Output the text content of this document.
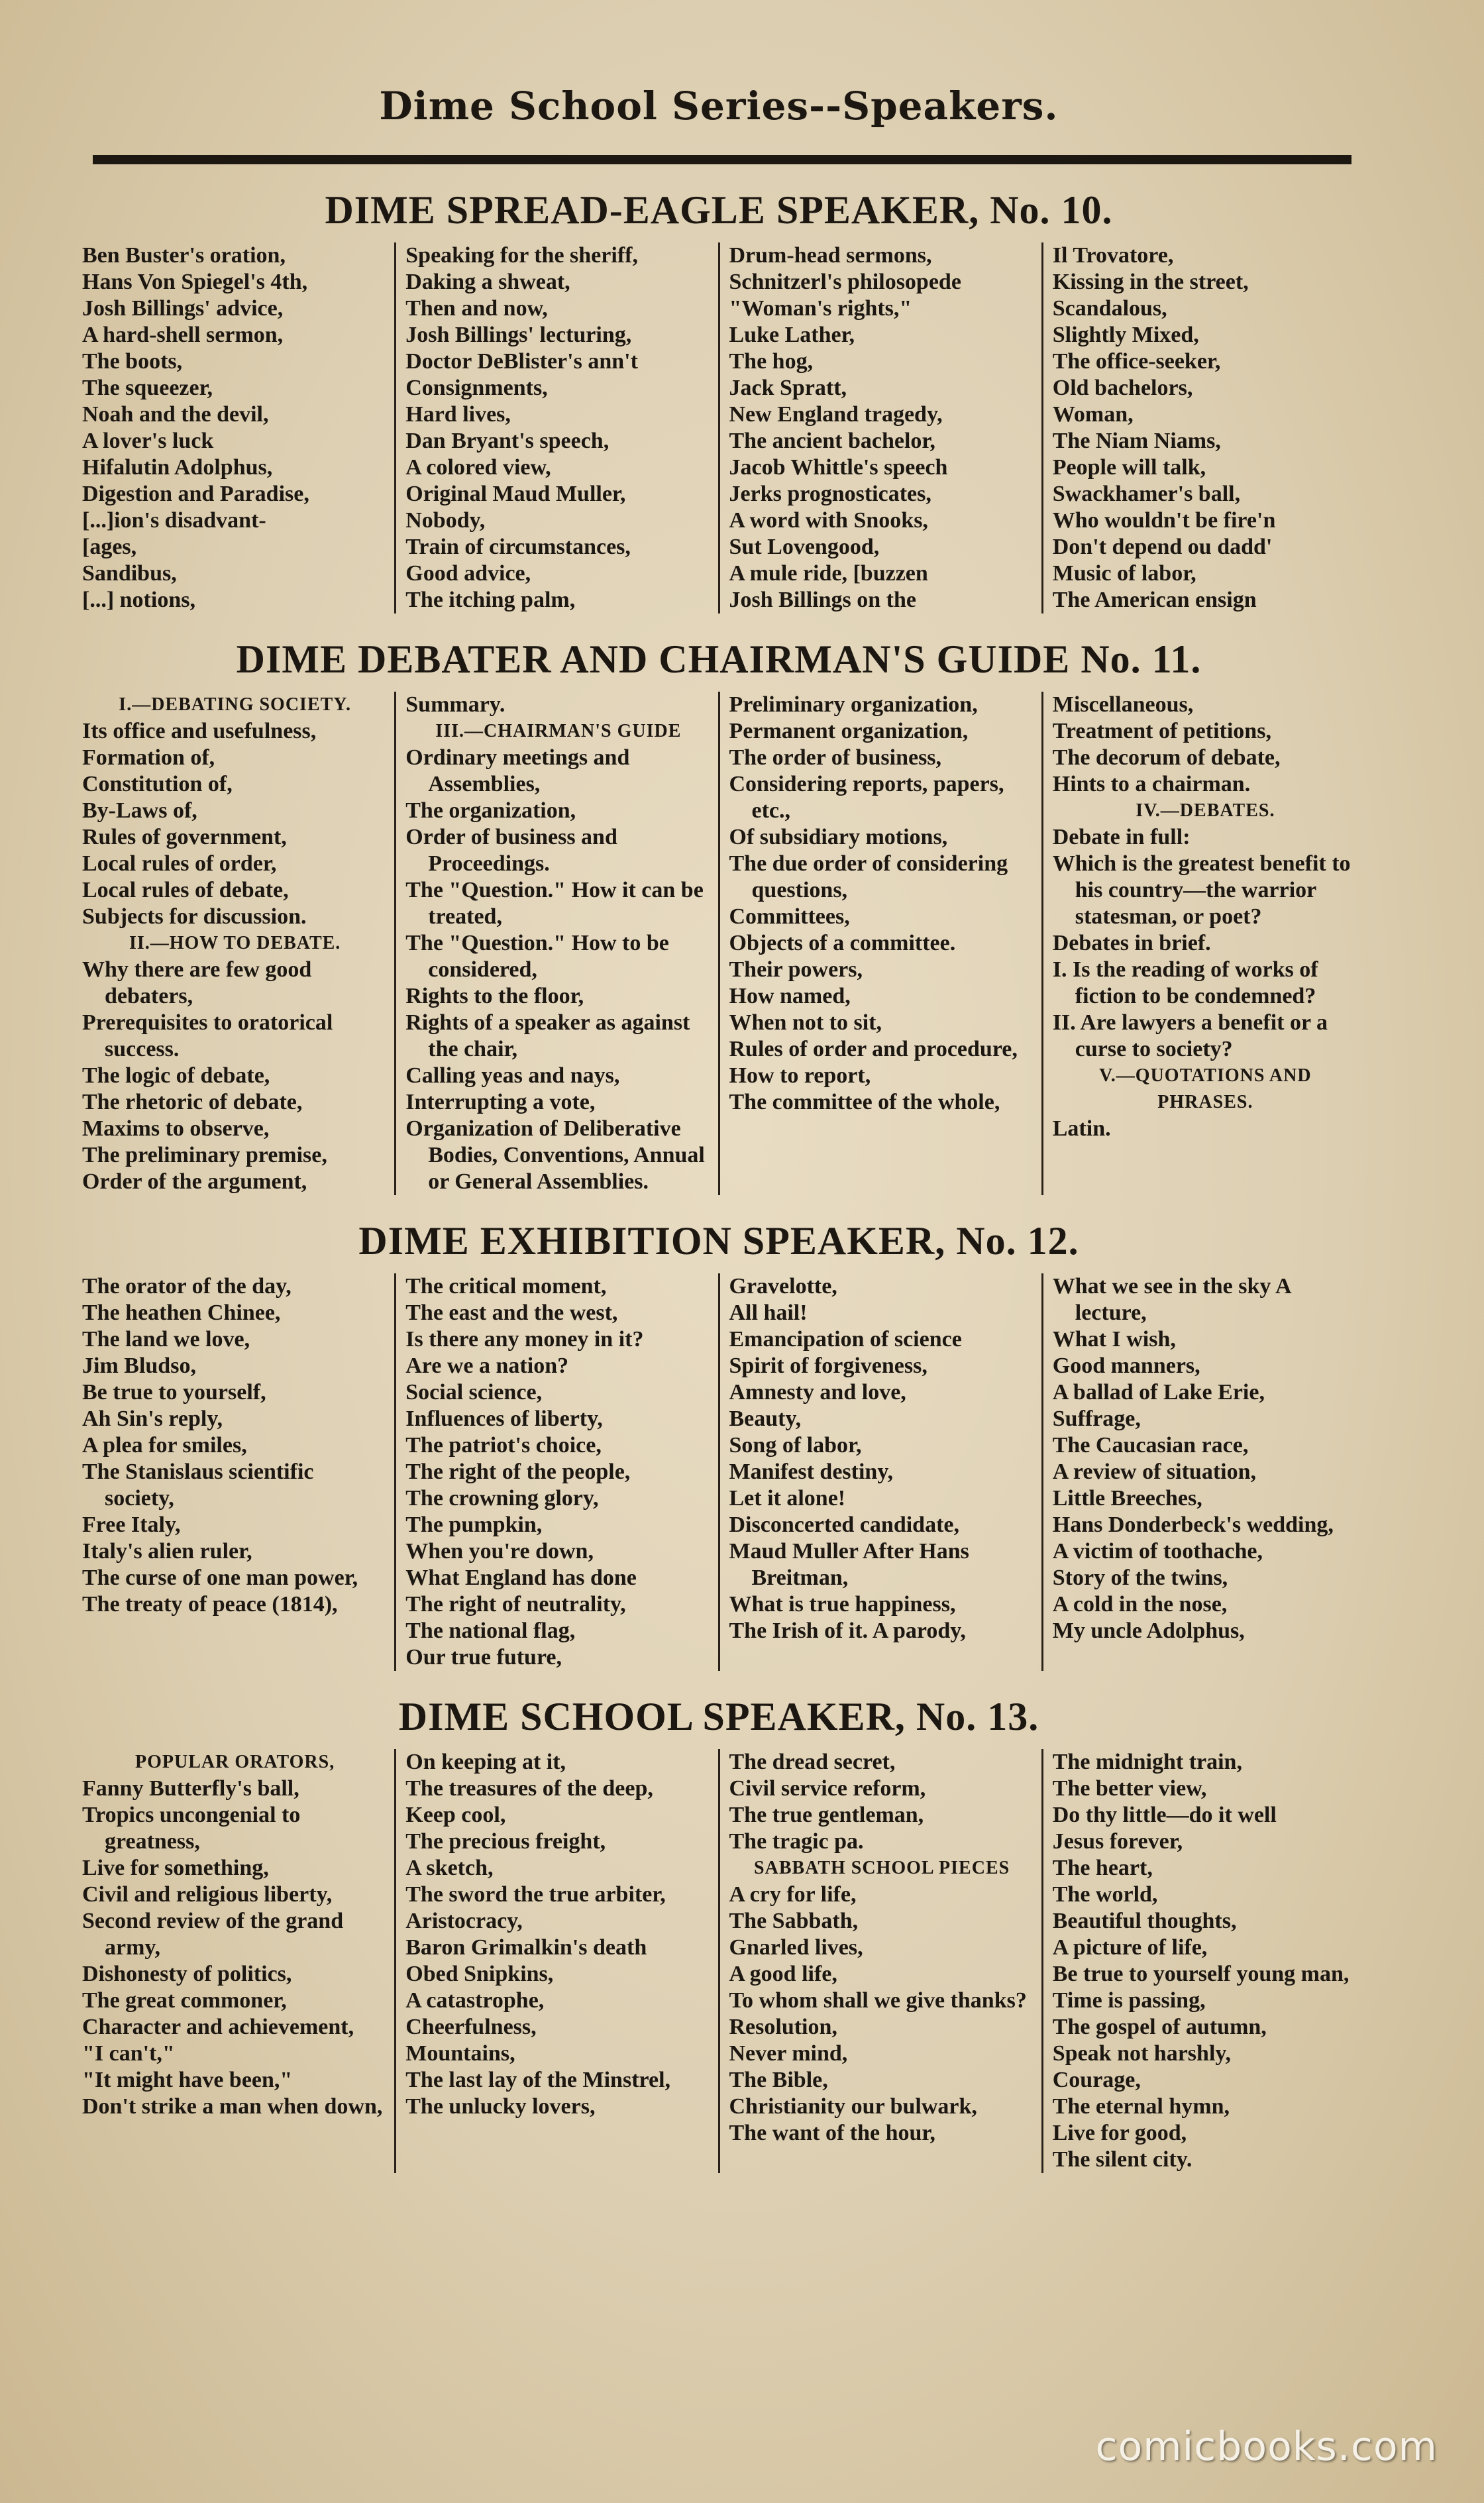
Dime School Series--Speakers.
DIME SPREAD-EAGLE SPEAKER, No. 10.
Ben Buster's oration,
Hans Von Spiegel's 4th,
Josh Billings' advice,
A hard-shell sermon,
The boots,
The squeezer,
Noah and the devil,
A lover's luck
Hifalutin Adolphus,
Digestion and Paradise,
[...]ion's disadvant-
[ages,
Sandibus,
[...] notions,
Speaking for the sheriff,
Daking a shweat,
Then and now,
Josh Billings' lecturing,
Doctor DeBlister's ann't
Consignments,
Hard lives,
Dan Bryant's speech,
A colored view,
Original Maud Muller,
Nobody,
Train of circumstances,
Good advice,
The itching palm,
Drum-head sermons,
Schnitzerl's philosopede
"Woman's rights,"
Luke Lather,
The hog,
Jack Spratt,
New England tragedy,
The ancient bachelor,
Jacob Whittle's speech
Jerks prognosticates,
A word with Snooks,
Sut Lovengood,
A mule ride, [buzzen
Josh Billings on the
Il Trovatore,
Kissing in the street,
Scandalous,
Slightly Mixed,
The office-seeker,
Old bachelors,
Woman,
The Niam Niams,
People will talk,
Swackhamer's ball,
Who wouldn't be fire'n
Don't depend ou dadd'
Music of labor,
The American ensign
DIME DEBATER AND CHAIRMAN'S GUIDE No. 11.
I.—DEBATING SOCIETY.
Its office and usefulness,
Formation of,
Constitution of,
By-Laws of,
Rules of government,
Local rules of order,
Local rules of debate,
Subjects for discussion.
II.—HOW TO DEBATE.
Why there are few good debaters,
Prerequisites to oratorical success.
The logic of debate,
The rhetoric of debate,
Maxims to observe,
The preliminary premise,
Order of the argument,
Summary.
III.—CHAIRMAN'S GUIDE
Ordinary meetings and Assemblies,
The organization,
Order of business and Proceedings.
The "Question." How it can be treated,
The "Question." How to be considered,
Rights to the floor,
Rights of a speaker as against the chair,
Calling yeas and nays,
Interrupting a vote,
Organization of Deliberative Bodies, Conventions, Annual or General Assemblies.
Preliminary organization,
Permanent organization,
The order of business,
Considering reports, papers, etc.,
Of subsidiary motions,
The due order of considering questions,
Committees,
Objects of a committee.
Their powers,
How named,
When not to sit,
Rules of order and procedure,
How to report,
The committee of the whole,
Miscellaneous,
Treatment of petitions,
The decorum of debate,
Hints to a chairman.
IV.—DEBATES.
Debate in full:
Which is the greatest benefit to his country—the warrior statesman, or poet?
Debates in brief.
I. Is the reading of works of fiction to be condemned?
II. Are lawyers a benefit or a curse to society?
V.—QUOTATIONS AND PHRASES.
Latin.
DIME EXHIBITION SPEAKER, No. 12.
The orator of the day,
The heathen Chinee,
The land we love,
Jim Bludso,
Be true to yourself,
Ah Sin's reply,
A plea for smiles,
The Stanislaus scientific society,
Free Italy,
Italy's alien ruler,
The curse of one man power,
The treaty of peace (1814),
The critical moment,
The east and the west,
Is there any money in it?
Are we a nation?
Social science,
Influences of liberty,
The patriot's choice,
The right of the people,
The crowning glory,
The pumpkin,
When you're down,
What England has done
The right of neutrality,
The national flag,
Our true future,
Gravelotte,
All hail!
Emancipation of science
Spirit of forgiveness,
Amnesty and love,
Beauty,
Song of labor,
Manifest destiny,
Let it alone!
Disconcerted candidate,
Maud Muller After Hans Breitman,
What is true happiness,
The Irish of it. A parody,
What we see in the sky A lecture,
What I wish,
Good manners,
A ballad of Lake Erie,
Suffrage,
The Caucasian race,
A review of situation,
Little Breeches,
Hans Donderbeck's wedding,
A victim of toothache,
Story of the twins,
A cold in the nose,
My uncle Adolphus,
DIME SCHOOL SPEAKER, No. 13.
POPULAR ORATORS,
Fanny Butterfly's ball,
Tropics uncongenial to greatness,
Live for something,
Civil and religious liberty,
Second review of the grand army,
Dishonesty of politics,
The great commoner,
Character and achievement,
"I can't,"
"It might have been,"
Don't strike a man when down,
On keeping at it,
The treasures of the deep,
Keep cool,
The precious freight,
A sketch,
The sword the true arbiter,
Aristocracy,
Baron Grimalkin's death
Obed Snipkins,
A catastrophe,
Cheerfulness,
Mountains,
The last lay of the Minstrel,
The unlucky lovers,
The dread secret,
Civil service reform,
The true gentleman,
The tragic pa.
SABBATH SCHOOL PIECES
A cry for life,
The Sabbath,
Gnarled lives,
A good life,
To whom shall we give thanks?
Resolution,
Never mind,
The Bible,
Christianity our bulwark,
The want of the hour,
The midnight train,
The better view,
Do thy little—do it well
Jesus forever,
The heart,
The world,
Beautiful thoughts,
A picture of life,
Be true to yourself young man,
Time is passing,
The gospel of autumn,
Speak not harshly,
Courage,
The eternal hymn,
Live for good,
The silent city.
comicbooks.com
